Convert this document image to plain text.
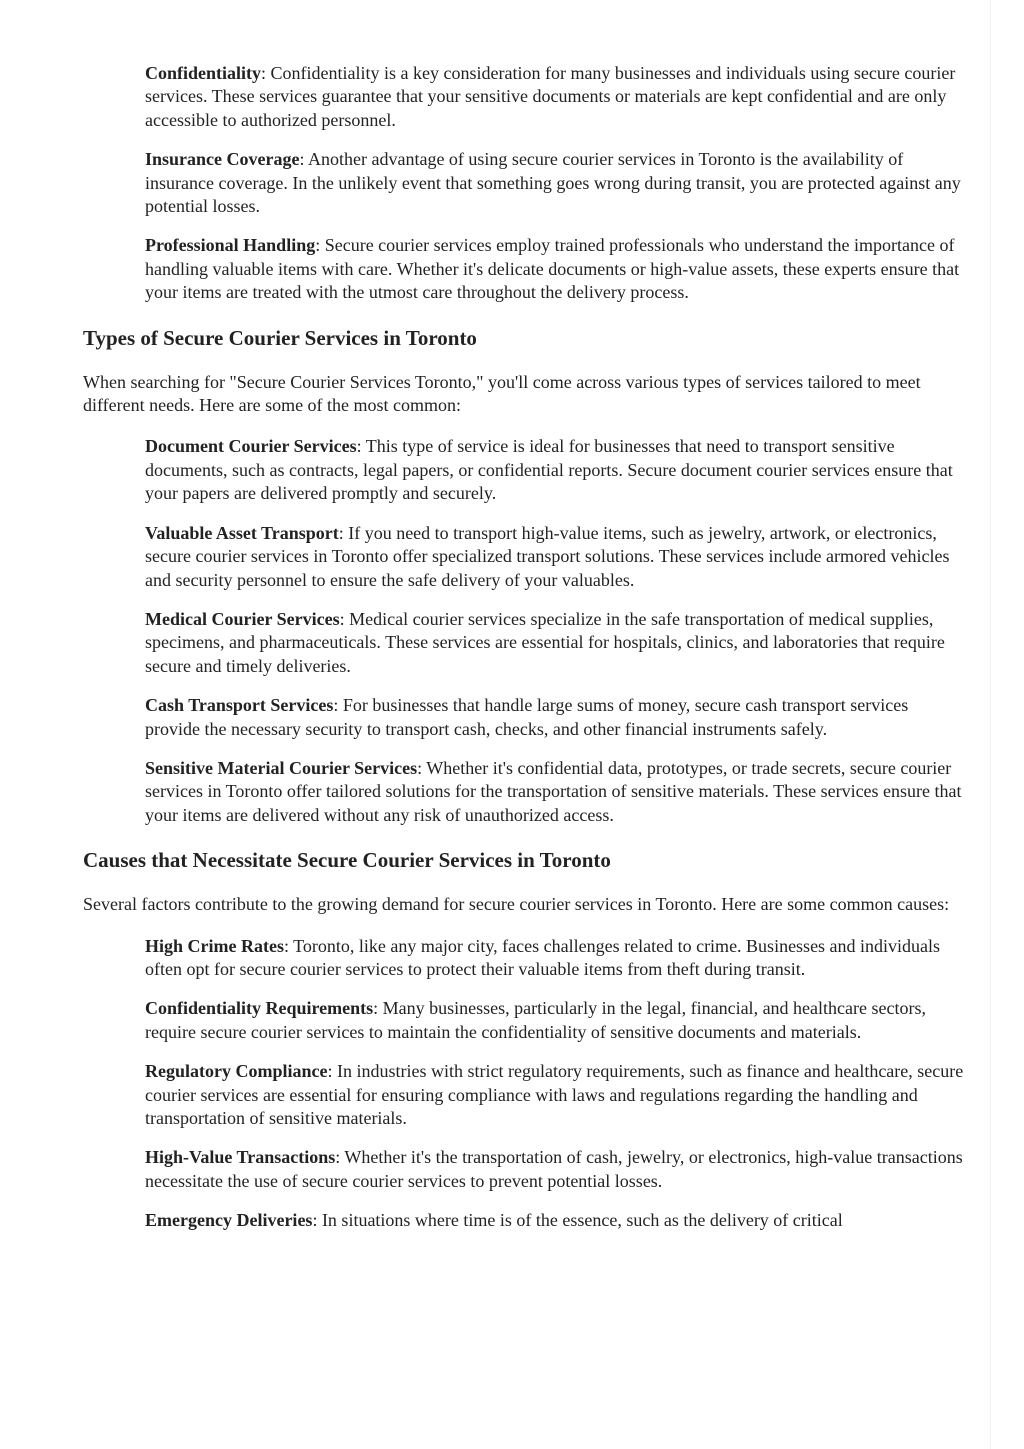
Confidentiality: Confidentiality is a key consideration for many businesses and individuals using secure courier services. These services guarantee that your sensitive documents or materials are kept confidential and are only accessible to authorized personnel.

Insurance Coverage: Another advantage of using secure courier services in Toronto is the availability of insurance coverage. In the unlikely event that something goes wrong during transit, you are protected against any potential losses.

Professional Handling: Secure courier services employ trained professionals who understand the importance of handling valuable items with care. Whether it's delicate documents or high-value assets, these experts ensure that your items are treated with the utmost care throughout the delivery process.

Types of Secure Courier Services in Toronto

When searching for "Secure Courier Services Toronto," you'll come across various types of services tailored to meet different needs. Here are some of the most common:

Document Courier Services: This type of service is ideal for businesses that need to transport sensitive documents, such as contracts, legal papers, or confidential reports. Secure document courier services ensure that your papers are delivered promptly and securely.

Valuable Asset Transport: If you need to transport high-value items, such as jewelry, artwork, or electronics, secure courier services in Toronto offer specialized transport solutions. These services include armored vehicles and security personnel to ensure the safe delivery of your valuables.

Medical Courier Services: Medical courier services specialize in the safe transportation of medical supplies, specimens, and pharmaceuticals. These services are essential for hospitals, clinics, and laboratories that require secure and timely deliveries.

Cash Transport Services: For businesses that handle large sums of money, secure cash transport services provide the necessary security to transport cash, checks, and other financial instruments safely.

Sensitive Material Courier Services: Whether it's confidential data, prototypes, or trade secrets, secure courier services in Toronto offer tailored solutions for the transportation of sensitive materials. These services ensure that your items are delivered without any risk of unauthorized access.

Causes that Necessitate Secure Courier Services in Toronto

Several factors contribute to the growing demand for secure courier services in Toronto. Here are some common causes:

High Crime Rates: Toronto, like any major city, faces challenges related to crime. Businesses and individuals often opt for secure courier services to protect their valuable items from theft during transit.

Confidentiality Requirements: Many businesses, particularly in the legal, financial, and healthcare sectors, require secure courier services to maintain the confidentiality of sensitive documents and materials.

Regulatory Compliance: In industries with strict regulatory requirements, such as finance and healthcare, secure courier services are essential for ensuring compliance with laws and regulations regarding the handling and transportation of sensitive materials.

High-Value Transactions: Whether it's the transportation of cash, jewelry, or electronics, high-value transactions necessitate the use of secure courier services to prevent potential losses.

Emergency Deliveries: In situations where time is of the essence, such as the delivery of critical
